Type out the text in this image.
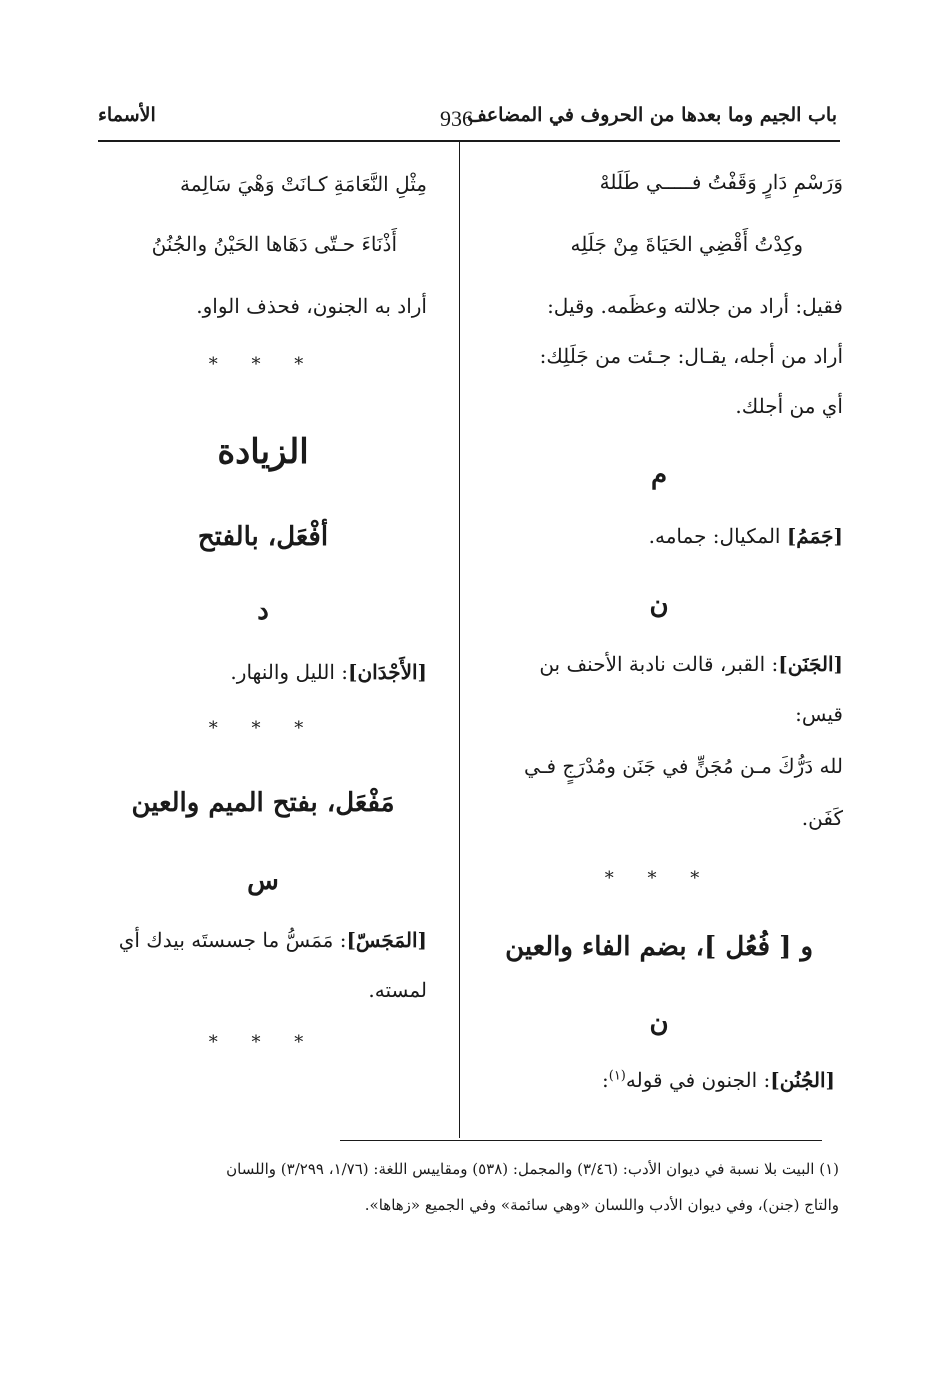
باب الجيم وما بعدها من الحروف في المضاعف
936
الأسماء
وَرَسْمِ دَارٍ وَقَفْتُ فـــــي طَلَلهْ
وكِدْتُ أَقْضِي الحَيَاةَ مِنْ جَلَلِه
فقيل: أراد من جلالته وعظَمه. وقيل:
أراد من أجله، يقـال: جـئت من جَلَلِك:
أي من أجلك.
م
[جَمَمُ] المكيال: جمامه.
ن
[الجَنَن]: القبر، قالت نادبة الأحنف بن
قيس:
لله دَرُّكَ مـن مُجَنٍّ في جَنَن ومُدْرَجٍ فـي
كَفَن.
* * *
و [ فُعُل ]، بضم الفاء والعين
ن
[الجُنُن]: الجنون في قوله$^{(١)}$:
مِثْلِ النَّعَامَةِ كـانَتْ وَهْيَ سَالِمة
أَذْنَاءَ حـتّى دَهَاها الحَيْنُ والجُنُنُ
أراد به الجنون، فحذف الواو.
* * *
الزيادة
أفْعَل، بالفتح
د
[الأَجْدَان]: الليل والنهار.
* * *
مَفْعَل، بفتح الميم والعين
س
[المَجَسّ]: مَمَسُّ ما جسستَه بيدك أي
لمسته.
* * *
(١) البيت بلا نسبة في ديوان الأدب: (٣/٤٦) والمجمل: (٥٣٨) ومقاييس اللغة: (١/٧٦، ٣/٢٩٩) واللسان
والتاج (جنن)، وفي ديوان الأدب واللسان «وهي سائمة» وفي الجميع «زهاها».
